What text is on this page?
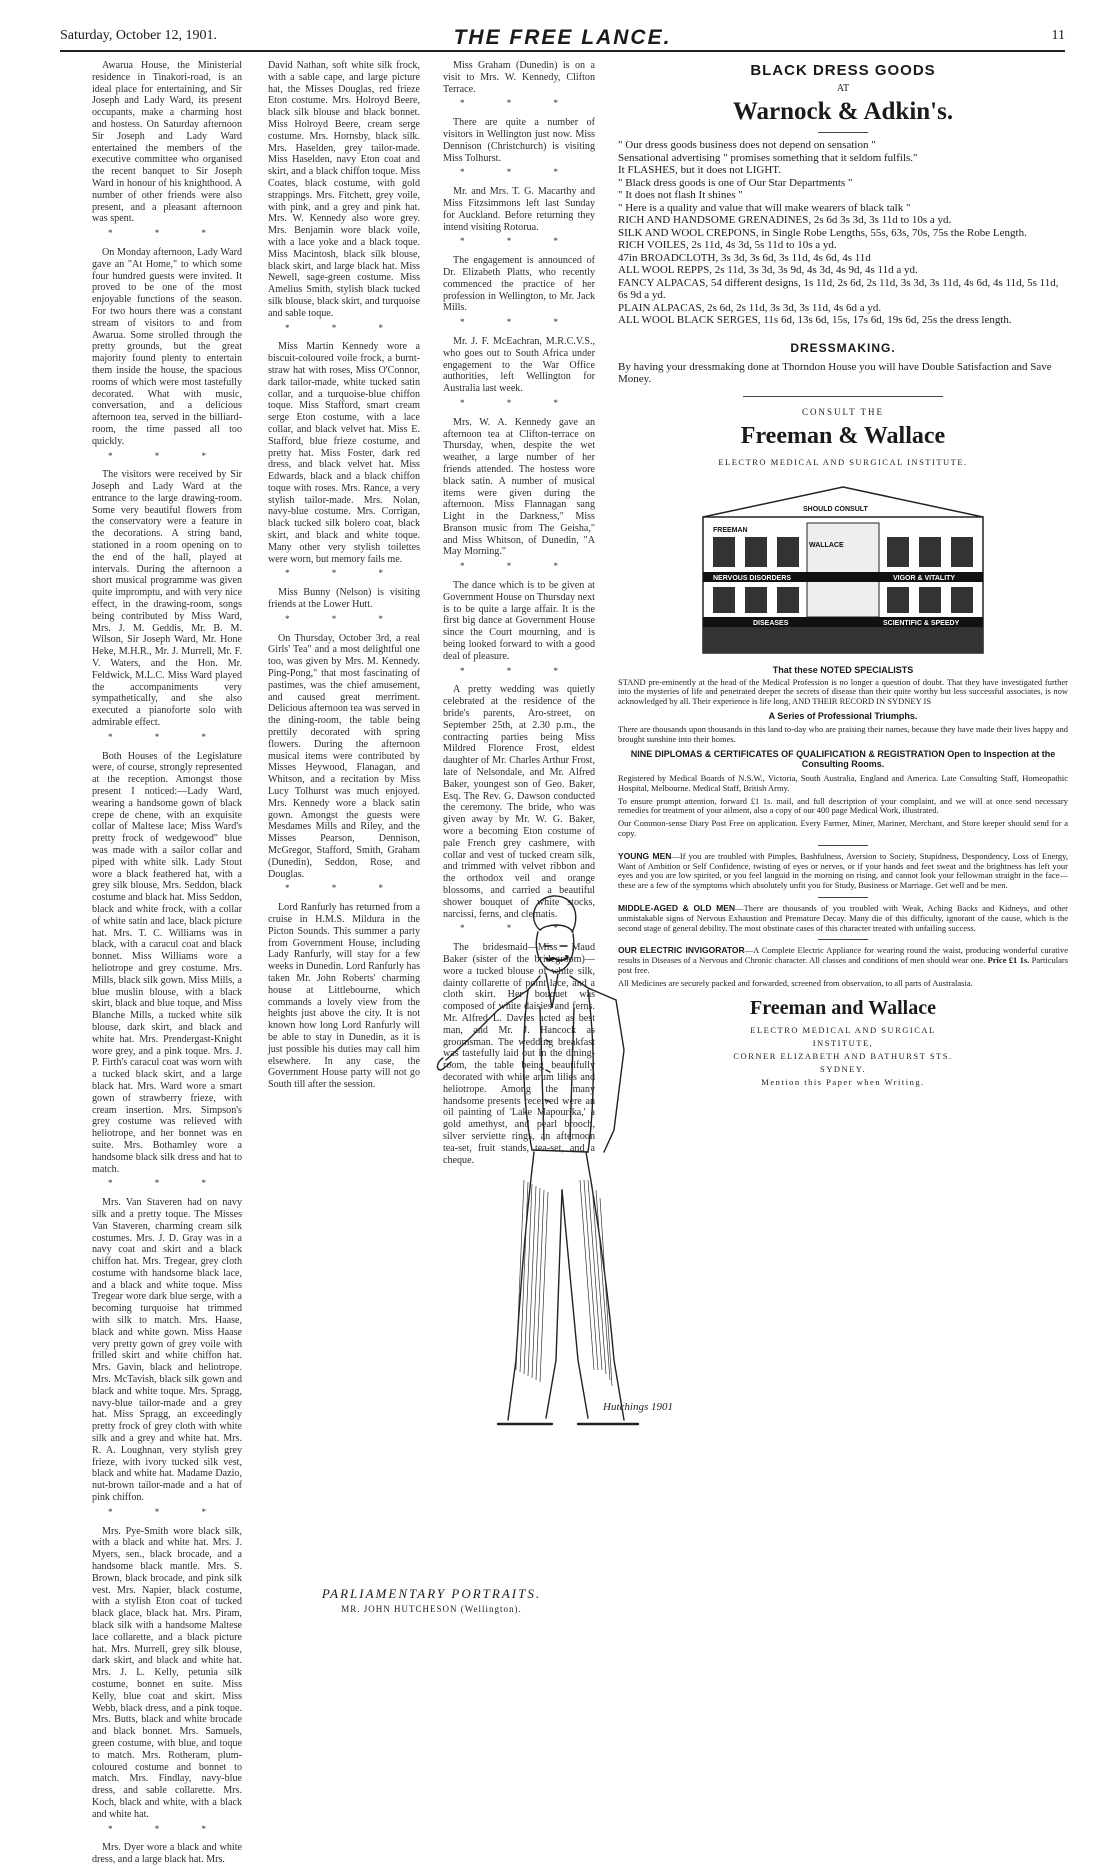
Saturday, October 12, 1901.	THE FREE LANCE.	11

Awarua House, the Ministerial residence in Tinakori-road, is an ideal place for entertaining, and Sir Joseph and Lady Ward, its present occupants, make a charming host and hostess. On Saturday afternoon Sir Joseph and Lady Ward entertained the members of the executive committee who organised the recent banquet to Sir Joseph Ward in honour of his knighthood. A number of other friends were also present, and a pleasant afternoon was spent.

* * *

On Monday afternoon, Lady Ward gave an "At Home," to which some four hundred guests were invited. It proved to be one of the most enjoyable functions of the season. For two hours there was a constant stream of visitors to and from Awarua. Some strolled through the pretty grounds, but the great majority found plenty to entertain them inside the house, the spacious rooms of which were most tastefully decorated. What with music, conversation, and a delicious afternoon tea, served in the billiard-room, the time passed all too quickly.

* * *

The visitors were received by Sir Joseph and Lady Ward at the entrance to the large drawing-room. Some very beautiful flowers from the conservatory were a feature in the decorations. A string band, stationed in a room opening on to the end of the hall, played at intervals. During the afternoon a short musical programme was given quite impromptu, and with very nice effect, in the drawing-room, songs being contributed by Miss Ward, Mrs. J. M. Geddis, Mr. B. M. Wilson, Sir Joseph Ward, Mr. Hone Heke, M.H.R., Mr. J. Murrell, Mr. F. V. Waters, and the Hon. Mr. Feldwick, M.L.C. Miss Ward played the accompaniments very sympathetically, and she also executed a pianoforte solo with admirable effect.

* * *

Both Houses of the Legislature were, of course, strongly represented at the reception. Amongst those present I noticed:—Lady Ward, wearing a handsome gown of black crepe de chene, with an exquisite collar of Maltese lace; Miss Ward's pretty frock of wedgewood" blue was made with a sailor collar and piped with white silk. Lady Stout wore a black feathered hat, with a grey silk blouse, Mrs. Seddon, black costume and black hat. Miss Seddon, black and white frock, with a collar of white satin and lace, black picture hat. Mrs. T. C. Williams was in black, with a caracul coat and black bonnet. Miss Williams wore a heliotrope and grey costume. Mrs. Mills, black silk gown. Miss Mills, a blue muslin blouse, with a black skirt, black and blue toque, and Miss Blanche Mills, a tucked white silk blouse, dark skirt, and black and white hat. Mrs. Prendergast-Knight wore grey, and a pink toque. Mrs. J. P. Firth's caracul coat was worn with a tucked black skirt, and a large black hat. Mrs. Ward wore a smart gown of strawberry frieze, with cream insertion. Mrs. Simpson's grey costume was relieved with heliotrope, and her bonnet was en suite. Mrs. Bothamley wore a handsome black silk dress and hat to match.

* * *

Mrs. Van Staveren had on navy silk and a pretty toque. The Misses Van Staveren, charming cream silk costumes. Mrs. J. D. Gray was in a navy coat and skirt and a black chiffon hat. Mrs. Tregear, grey cloth costume with handsome black lace, and a black and white toque. Miss Tregear wore dark blue serge, with a becoming turquoise hat trimmed with silk to match. Mrs. Haase, black and white gown. Miss Haase very pretty gown of grey voile with frilled skirt and white chiffon hat. Mrs. Gavin, black and heliotrope. Mrs. McTavish, black silk gown and black and white toque. Mrs. Spragg, navy-blue tailor-made and a grey hat. Miss Spragg, an exceedingly pretty frock of grey cloth with white silk and a grey and white hat. Mrs. R. A. Loughnan, very stylish grey frieze, with ivory tucked silk vest, black and white hat. Madame Dazio, nut-brown tailor-made and a hat of pink chiffon.

* * *

Mrs. Pye-Smith wore black silk, with a black and white hat. Mrs. J. Myers, sen., black brocade, and a handsome black mantle. Mrs. S. Brown, black brocade, and pink silk vest. Mrs. Napier, black costume, with a stylish Eton coat of tucked black glace, black hat. Mrs. Piram, black silk with a handsome Maltese lace collarette, and a black picture hat. Mrs. Murrell, grey silk blouse, dark skirt, and black and white hat. Mrs. J. L. Kelly, petunia silk costume, bonnet en suite. Miss Kelly, blue coat and skirt. Miss Webb, black dress, and a pink toque. Mrs. Butts, black and white brocade and black bonnet. Mrs. Samuels, green costume, with blue, and toque to match. Mrs. Rotheram, plum-coloured costume and bonnet to match. Mrs. Findlay, navy-blue dress, and sable collarette. Mrs. Koch, black and white, with a black and white hat.

* * *

Mrs. Dyer wore a black and white dress, and a large black hat. Mrs.

David Nathan, soft white silk frock, with a sable cape, and large picture hat, the Misses Douglas, red frieze Eton costume. Mrs. Holroyd Beere, black silk blouse and black bonnet. Miss Holroyd Beere, cream serge costume. Mrs. Hornsby, black silk. Mrs. Haselden, grey tailor-made. Miss Haselden, navy Eton coat and skirt, and a black chiffon toque. Miss Coates, black costume, with gold strappings. Mrs. Fitchett, grey voile, with pink, and a grey and pink hat. Mrs. W. Kennedy also wore grey. Mrs. Benjamin wore black voile, with a lace yoke and a black toque. Miss Macintosh, black silk blouse, black skirt, and large black hat. Miss Newell, sage-green costume. Miss Amelius Smith, stylish black tucked silk blouse, black skirt, and turquoise and sable toque.

* * *

Miss Martin Kennedy wore a biscuit-coloured voile frock, a burnt-straw hat with roses, Miss O'Connor, dark tailor-made, white tucked satin collar, and a turquoise-blue chiffon toque. Miss Stafford, smart cream serge Eton costume, with a lace collar, and black velvet hat. Miss E. Stafford, blue frieze costume, and pretty hat. Miss Foster, dark red dress, and black velvet hat. Miss Edwards, black and a black chiffon toque with roses. Mrs. Rance, a very stylish tailor-made. Mrs. Nolan, navy-blue costume. Mrs. Corrigan, black tucked silk bolero coat, black skirt, and black and white toque. Many other very stylish toilettes were worn, but memory fails me.

* * *

Miss Bunny (Nelson) is visiting friends at the Lower Hutt.

* * *

On Thursday, October 3rd, a real Girls' Tea" and a most delightful one too, was given by Mrs. M. Kennedy. Ping-Pong," that most fascinating of pastimes, was the chief amusement, and caused great merriment. Delicious afternoon tea was served in the dining-room, the table being prettily decorated with spring flowers. During the afternoon musical items were contributed by Misses Heywood, Flanagan, and Whitson, and a recitation by Miss Lucy Tolhurst was much enjoyed. Mrs. Kennedy wore a black satin gown. Amongst the guests were Mesdames Mills and Riley, and the Misses Pearson, Dennison, McGregor, Stafford, Smith, Graham (Dunedin), Seddon, Rose, and Douglas.

* * *

Lord Ranfurly has returned from a cruise in H.M.S. Mildura in the Picton Sounds. This summer a party from Government House, including Lady Ranfurly, will stay for a few weeks in Dunedin. Lord Ranfurly has taken Mr. John Roberts' charming house at Littlebourne, which commands a lovely view from the heights just above the city. It is not known how long Lord Ranfurly will be able to stay in Dunedin, as it is just possible his duties may call him elsewhere. In any case, the Government House party will not go South till after the session.

Miss Graham (Dunedin) is on a visit to Mrs. W. Kennedy, Clifton Terrace.

* * *

There are quite a number of visitors in Wellington just now. Miss Dennison (Christchurch) is visiting Miss Tolhurst.

* * *

Mr. and Mrs. T. G. Macarthy and Miss Fitzsimmons left last Sunday for Auckland. Before returning they intend visiting Rotorua.

* * *

The engagement is announced of Dr. Elizabeth Platts, who recently commenced the practice of her profession in Wellington, to Mr. Jack Mills.

* * *

Mr. J. F. McEachran, M.R.C.V.S., who goes out to South Africa under engagement to the War Office authorities, left Wellington for Australia last week.

* * *

Mrs. W. A. Kennedy gave an afternoon tea at Clifton-terrace on Thursday, when, despite the wet weather, a large number of her friends attended. The hostess wore black satin. A number of musical items were given during the afternoon. Miss Flannagan sang Light in the Darkness," Miss Branson music from The Geisha," and Miss Whitson, of Dunedin, "A May Morning."

* * *

The dance which is to be given at Government House on Thursday next is to be quite a large affair. It is the first big dance at Government House since the Court mourning, and is being looked forward to with a good deal of pleasure.

* * *

A pretty wedding was quietly celebrated at the residence of the bride's parents, Aro-street, on September 25th, at 2.30 p.m., the contracting parties being Miss Mildred Florence Frost, eldest daughter of Mr. Charles Arthur Frost, late of Nelsondale, and Mr. Alfred Baker, youngest son of Geo. Baker, Esq. The Rev. G. Dawson conducted the ceremony. The bride, who was given away by Mr. W. G. Baker, wore a becoming Eton costume of pale French grey cashmere, with collar and vest of tucked cream silk, and trimmed with velvet ribbon and the orthodox veil and orange blossoms, and carried a beautiful shower bouquet of white stocks, narcissi, ferns, and clematis.

* * *

The bridesmaid—Miss Maud Baker (sister of the bridegroom)—wore a tucked blouse of white silk, dainty collarette of point lace, and a cloth skirt. Her bouquet was composed of white daisies and ferns. Mr. Alfred L. Davies acted as best man, and Mr. J. Hancock as groomsman. The wedding breakfast was tastefully laid out in the dining-room, the table being beautifully decorated with white arum lilies and heliotrope. Among the many handsome presents received were an oil painting of 'Lake Mapourika,' a gold amethyst, and pearl brooch, silver serviette rings, an afternoon tea-set, fruit stands, tea-set, and a cheque.

Hutchings 1901
PARLIAMENTARY PORTRAITS.
MR. JOHN HUTCHESON (Wellington).
BLACK DRESS GOODS
AT
Warnock & Adkin's.
" Our dress goods business does not depend on sensation "
Sensational advertising " promises something that it seldom fulfils."
It FLASHES, but it does not LIGHT.
" Black dress goods is one of Our Star Departments "
" It does not flash It shines "
" Here is a quality and value that will make wearers of black talk "
RICH AND HANDSOME GRENADINES, 2s 6d 3s 3d, 3s 11d to 10s a yd.
SILK AND WOOL CREPONS, in Single Robe Lengths, 55s, 63s, 70s, 75s the Robe Length.
RICH VOILES, 2s 11d, 4s 3d, 5s 11d to 10s a yd.
47in BROADCLOTH, 3s 3d, 3s 6d, 3s 11d, 4s 6d, 4s 11d
ALL WOOL REPPS, 2s 11d, 3s 3d, 3s 9d, 4s 3d, 4s 9d, 4s 11d a yd.
FANCY ALPACAS, 54 different designs, 1s 11d, 2s 6d, 2s 11d, 3s 3d, 3s 11d, 4s 6d, 4s 11d, 5s 11d, 6s 9d a yd.
PLAIN ALPACAS, 2s 6d, 2s 11d, 3s 3d, 3s 11d, 4s 6d a yd.
ALL WOOL BLACK SERGES, 11s 6d, 13s 6d, 15s, 17s 6d, 19s 6d, 25s the dress length.
DRESSMAKING.
By having your dressmaking done at Thorndon House you will have Double Satisfaction and Save Money.
CONSULT THE
Freeman & Wallace
ELECTRO MEDICAL AND SURGICAL INSTITUTE.
SHOULD CONSULT
FREEMAN
WALLACE
VIGOR & VITALITY
NERVOUS DISORDERS
DISEASES	SCIENTIFIC & SPEEDY
That these NOTED SPECIALISTS
STAND pre-eminently at the head of the Medical Profession is no longer a question of doubt. That they have investigated further into the mysteries of life and penetrated deeper the secrets of disease than their quite worthy but less successful associates, is now acknowledged by all. Their experience is life long, AND THEIR RECORD IN SYDNEY IS
A Series of Professional Triumphs.
There are thousands upon thousands in this land to-day who are praising their names, because they have made their lives happy and brought sunshine into their homes.
NINE DIPLOMAS & CERTIFICATES OF QUALIFICATION & REGISTRATION Open to Inspection at the Consulting Rooms.
Registered by Medical Boards of N.S.W., Victoria, South Australia, England and America. Late Consulting Staff, Homeopathic Hospital, Melbourne. Medical Staff, British Army.
To ensure prompt attention, forward £1 1s. mail, and full description of your complaint, and we will at once send necessary remedies for treatment of your ailment, also a copy of our 400 page Medical Work, illustrated.
Our Common-sense Diary Post Free on application. Every Farmer, Miner, Mariner, Merchant, and Store keeper should send for a copy.
YOUNG MEN—If you are troubled with Pimples, Bashfulness, Aversion to Society, Stupidness, Despondency, Loss of Energy, Want of Ambition or Self Confidence, twisting of eyes or nerves, or if your hands and feet sweat and the brightness has left your eyes and you are low spirited, or you feel languid in the morning on rising, and cannot look your fellowman straight in the face—these are a few of the symptoms which absolutely unfit you for Study, Business or Marriage. Get well and be men.
MIDDLE-AGED & OLD MEN—There are thousands of you troubled with Weak, Aching Backs and Kidneys, and other unmistakable signs of Nervous Exhaustion and Premature Decay. Many die of this difficulty, ignorant of the cause, which is the second stage of general debility. The most obstinate cases of this character treated with unfailing success.
OUR ELECTRIC INVIGORATOR—A Complete Electric Appliance for wearing round the waist, producing wonderful curative results in Diseases of a Nervous and Chronic character. All classes and conditions of men should wear one. Price £1 1s. Particulars post free.
All Medicines are securely packed and forwarded, screened from observation, to all parts of Australasia.
Freeman and Wallace
ELECTRO MEDICAL AND SURGICAL
INSTITUTE,
CORNER ELIZABETH AND BATHURST STS.
SYDNEY.
Mention this Paper when Writing.
